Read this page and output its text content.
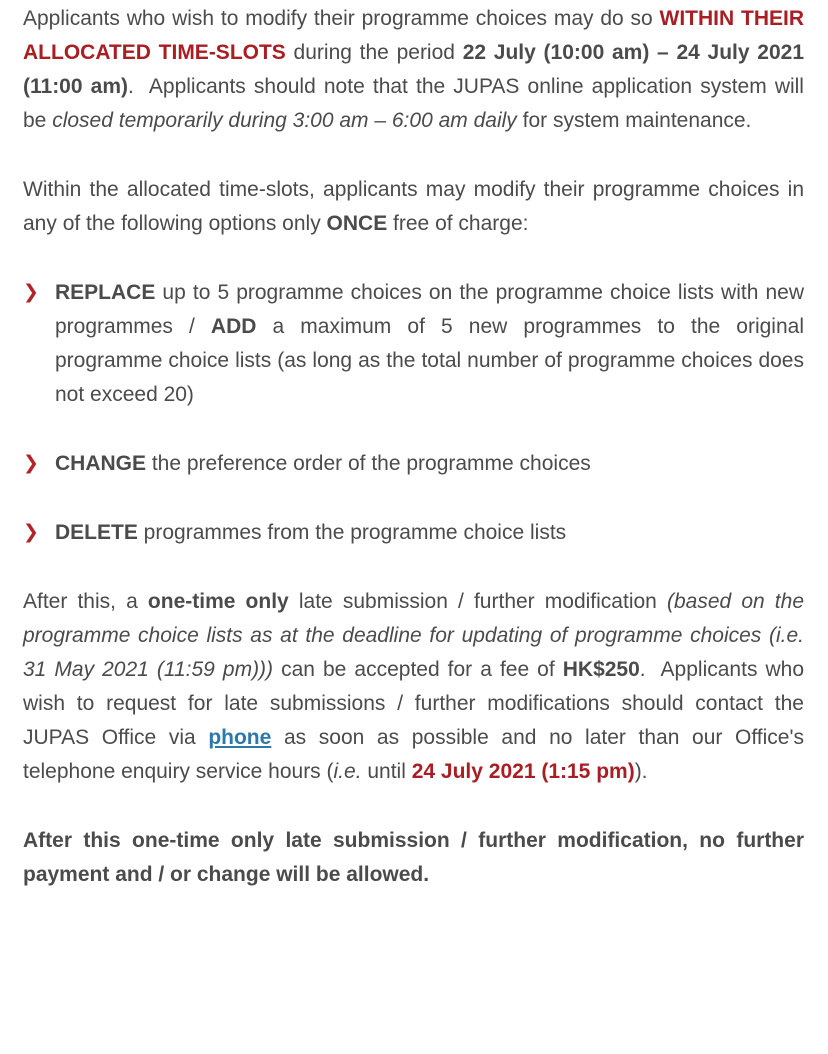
Applicants who wish to modify their programme choices may do so WITHIN THEIR ALLOCATED TIME-SLOTS during the period 22 July (10:00 am) – 24 July 2021 (11:00 am).  Applicants should note that the JUPAS online application system will be closed temporarily during 3:00 am – 6:00 am daily for system maintenance.

Within the allocated time-slots, applicants may modify their programme choices in any of the following options only ONCE free of charge:

❯ REPLACE up to 5 programme choices on the programme choice lists with new programmes / ADD a maximum of 5 new programmes to the original programme choice lists (as long as the total number of programme choices does not exceed 20)
❯ CHANGE the preference order of the programme choices
❯ DELETE programmes from the programme choice lists

After this, a one-time only late submission / further modification (based on the programme choice lists as at the deadline for updating of programme choices (i.e. 31 May 2021 (11:59 pm))) can be accepted for a fee of HK$250.  Applicants who wish to request for late submissions / further modifications should contact the JUPAS Office via phone as soon as possible and no later than our Office's telephone enquiry service hours (i.e. until 24 July 2021 (1:15 pm)).

After this one-time only late submission / further modification, no further payment and / or change will be allowed.
